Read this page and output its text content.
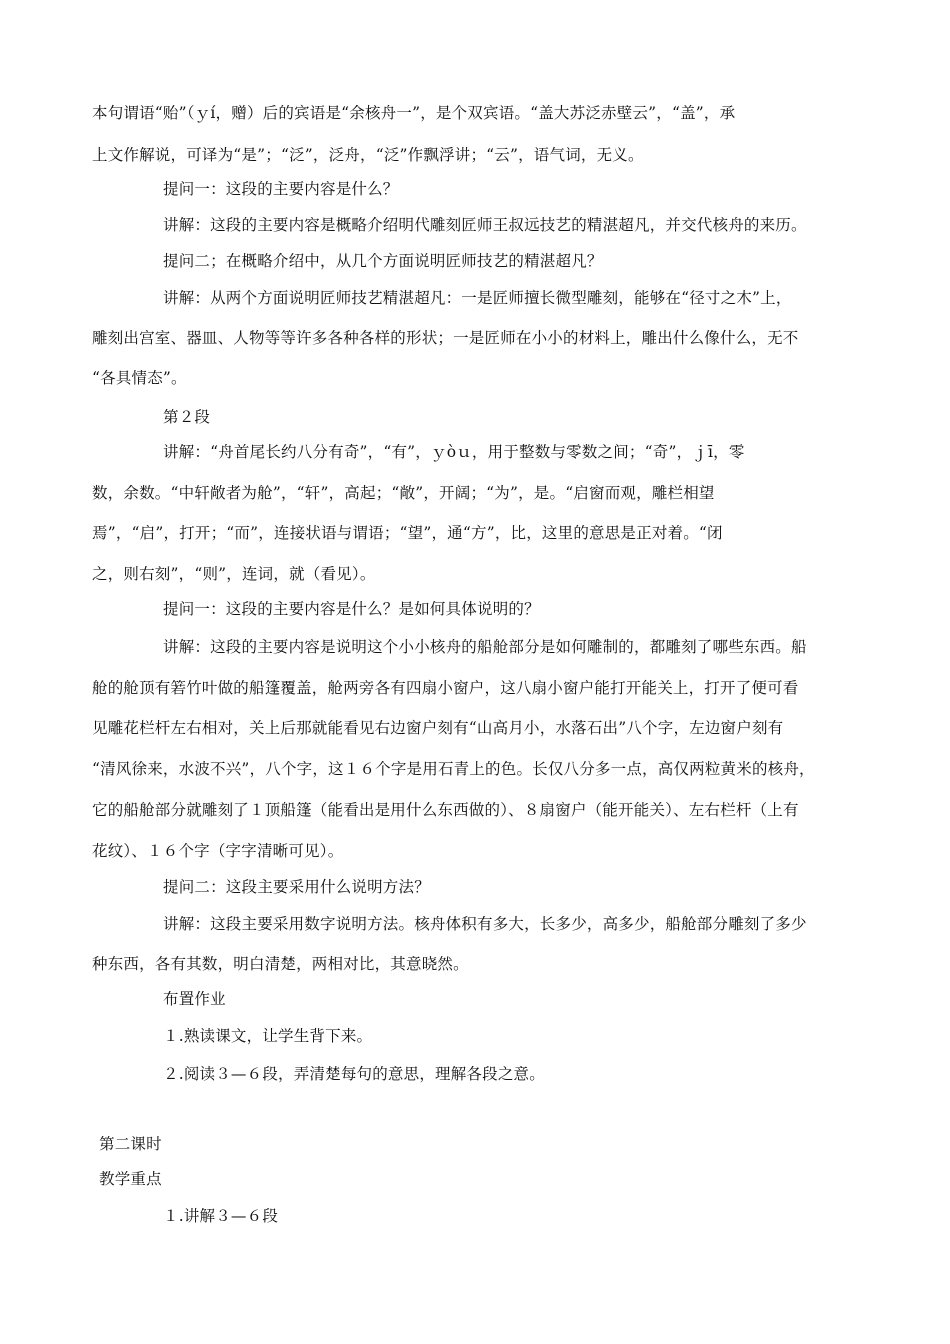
本句谓语“贻”（ｙí，赠）后的宾语是“余核舟一”，是个双宾语。“盖大苏泛赤壁云”，“盖”，承
上文作解说，可译为“是”；“泛”，泛舟，“泛”作飘浮讲；“云”，语气词，无义。
提问一：这段的主要内容是什么？
讲解：这段的主要内容是概略介绍明代雕刻匠师王叔远技艺的精湛超凡，并交代核舟的来历。
提问二；在概略介绍中，从几个方面说明匠师技艺的精湛超凡？
讲解：从两个方面说明匠师技艺精湛超凡：一是匠师擅长微型雕刻，能够在“径寸之木”上，
雕刻出宫室、器皿、人物等等许多各种各样的形状；一是匠师在小小的材料上，雕出什么像什么，无不
“各具情态”。
第２段
讲解：“舟首尾长约八分有奇”，“有”，ｙòｕ，用于整数与零数之间；“奇”，ｊī，零
数，余数。“中轩敞者为舱”，“轩”，高起；“敞”，开阔；“为”，是。“启窗而观，雕栏相望
焉”，“启”，打开；“而”，连接状语与谓语；“望”，通“方”，比，这里的意思是正对着。“闭
之，则右刻”，“则”，连词，就（看见）。
提问一：这段的主要内容是什么？是如何具体说明的？
讲解：这段的主要内容是说明这个小小核舟的船舱部分是如何雕制的，都雕刻了哪些东西。船
舱的舱顶有箬竹叶做的船篷覆盖，舱两旁各有四扇小窗户，这八扇小窗户能打开能关上，打开了便可看
见雕花栏杆左右相对，关上后那就能看见右边窗户刻有“山高月小，水落石出”八个字，左边窗户刻有
“清风徐来，水波不兴”，八个字，这１６个字是用石青上的色。长仅八分多一点，高仅两粒黄米的核舟，
它的船舱部分就雕刻了１顶船篷（能看出是用什么东西做的）、８扇窗户（能开能关）、左右栏杆（上有
花纹）、１６个字（字字清晰可见）。
提问二：这段主要采用什么说明方法？
讲解：这段主要采用数字说明方法。核舟体积有多大，长多少，高多少，船舱部分雕刻了多少
种东西，各有其数，明白清楚，两相对比，其意晓然。
布置作业
１.熟读课文，让学生背下来。
２.阅读３—６段，弄清楚每句的意思，理解各段之意。
第二课时
教学重点
１.讲解３—６段
